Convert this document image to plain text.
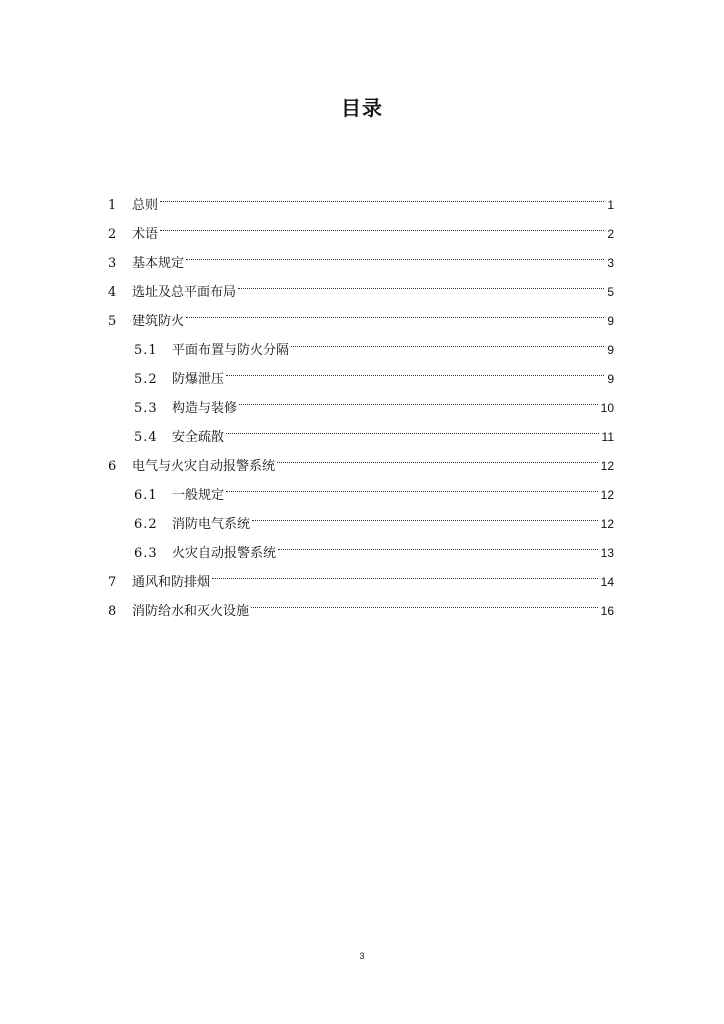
目录
1	总则	1
2	术语	2
3	基本规定	3
4	选址及总平面布局	5
5	建筑防火	9
5.1	平面布置与防火分隔	9
5.2	防爆泄压	9
5.3	构造与装修	10
5.4	安全疏散	11
6	电气与火灾自动报警系统	12
6.1	一般规定	12
6.2	消防电气系统	12
6.3	火灾自动报警系统	13
7	通风和防排烟	14
8	消防给水和灭火设施	16
3
